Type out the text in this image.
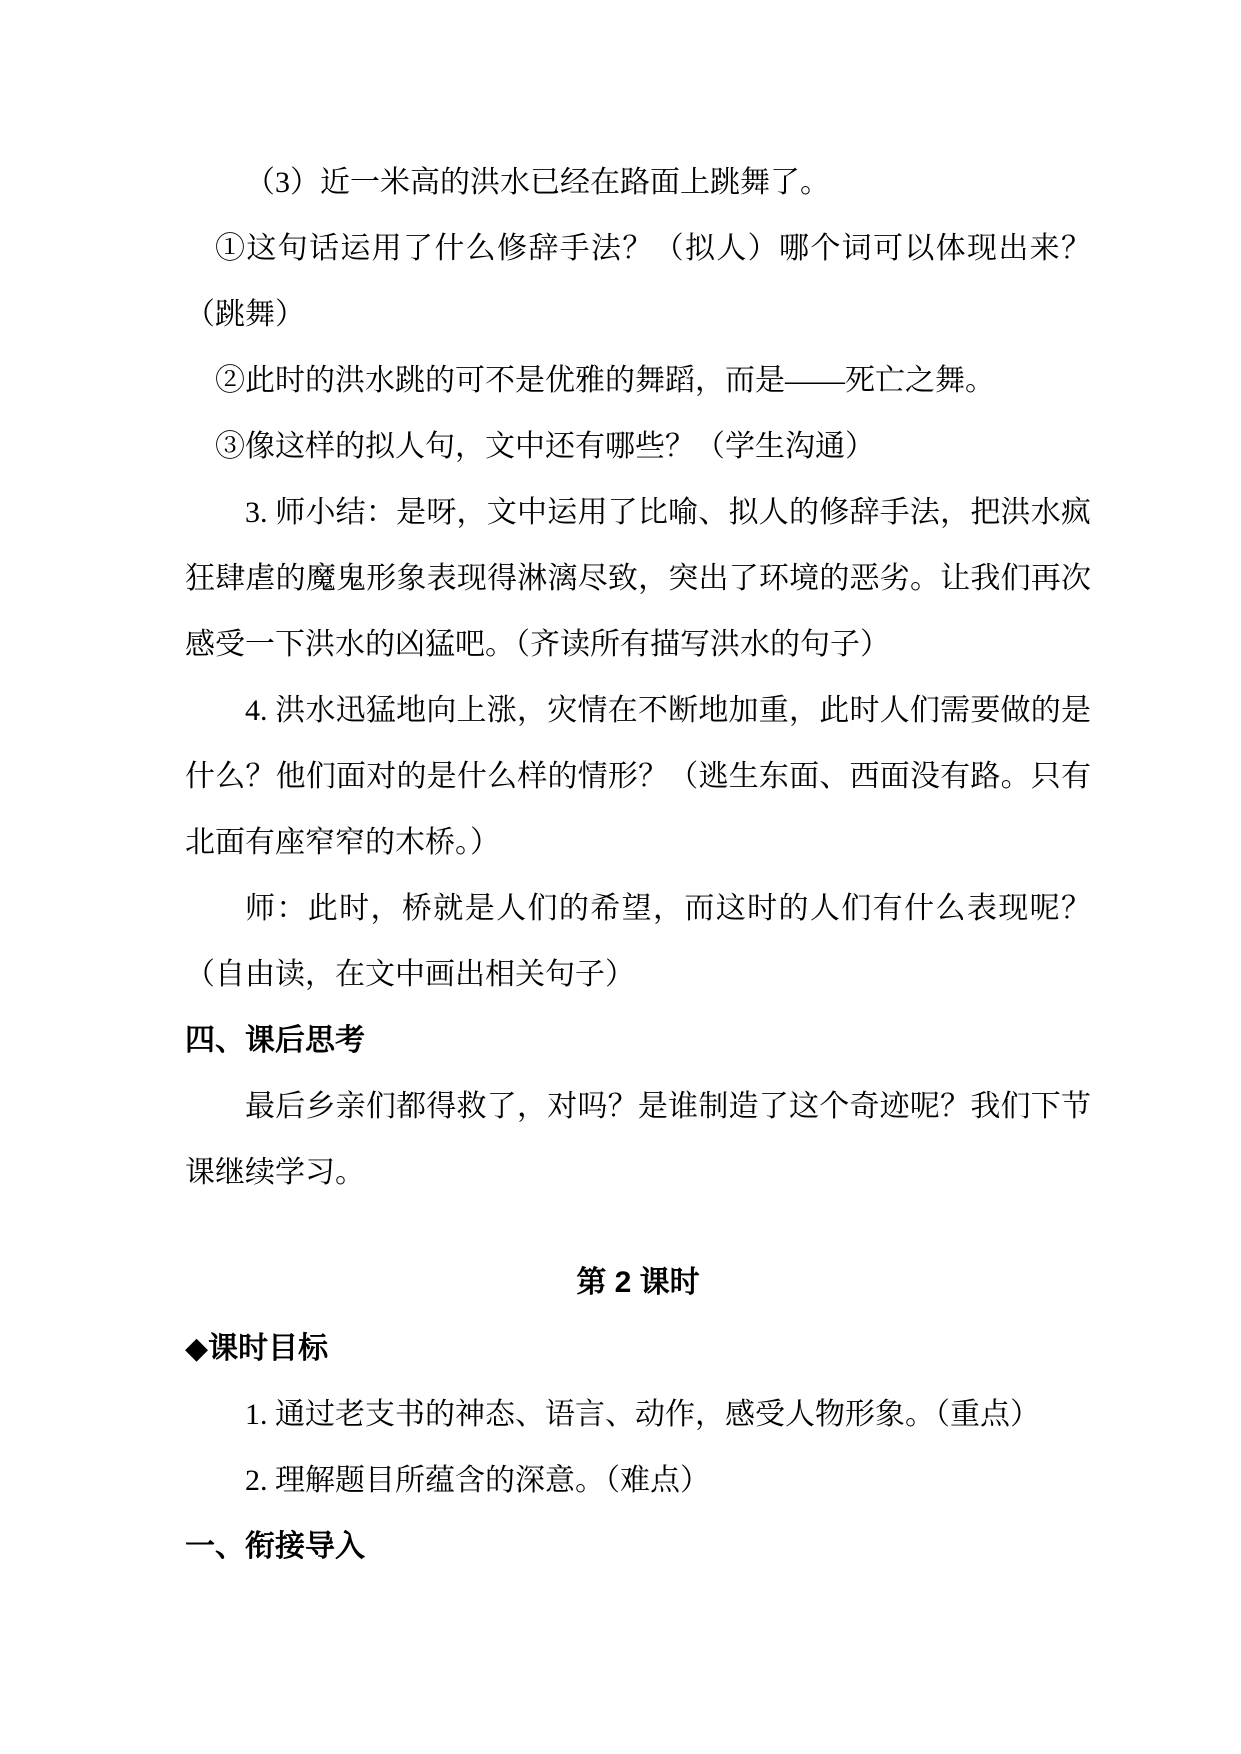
（3）近一米高的洪水已经在路面上跳舞了。

①这句话运用了什么修辞手法？（拟人）哪个词可以体现出来？（跳舞）

②此时的洪水跳的可不是优雅的舞蹈，而是——死亡之舞。

③像这样的拟人句，文中还有哪些？（学生沟通）

3. 师小结：是呀，文中运用了比喻、拟人的修辞手法，把洪水疯狂肆虐的魔鬼形象表现得淋漓尽致，突出了环境的恶劣。让我们再次感受一下洪水的凶猛吧。（齐读所有描写洪水的句子）

4. 洪水迅猛地向上涨，灾情在不断地加重，此时人们需要做的是什么？他们面对的是什么样的情形？（逃生东面、西面没有路。只有北面有座窄窄的木桥。）

师：此时，桥就是人们的希望，而这时的人们有什么表现呢？（自由读，在文中画出相关句子）

四、课后思考

最后乡亲们都得救了，对吗？是谁制造了这个奇迹呢？我们下节课继续学习。

第 2 课时

◆课时目标

1. 通过老支书的神态、语言、动作，感受人物形象。（重点）

2. 理解题目所蕴含的深意。（难点）

一、衔接导入
